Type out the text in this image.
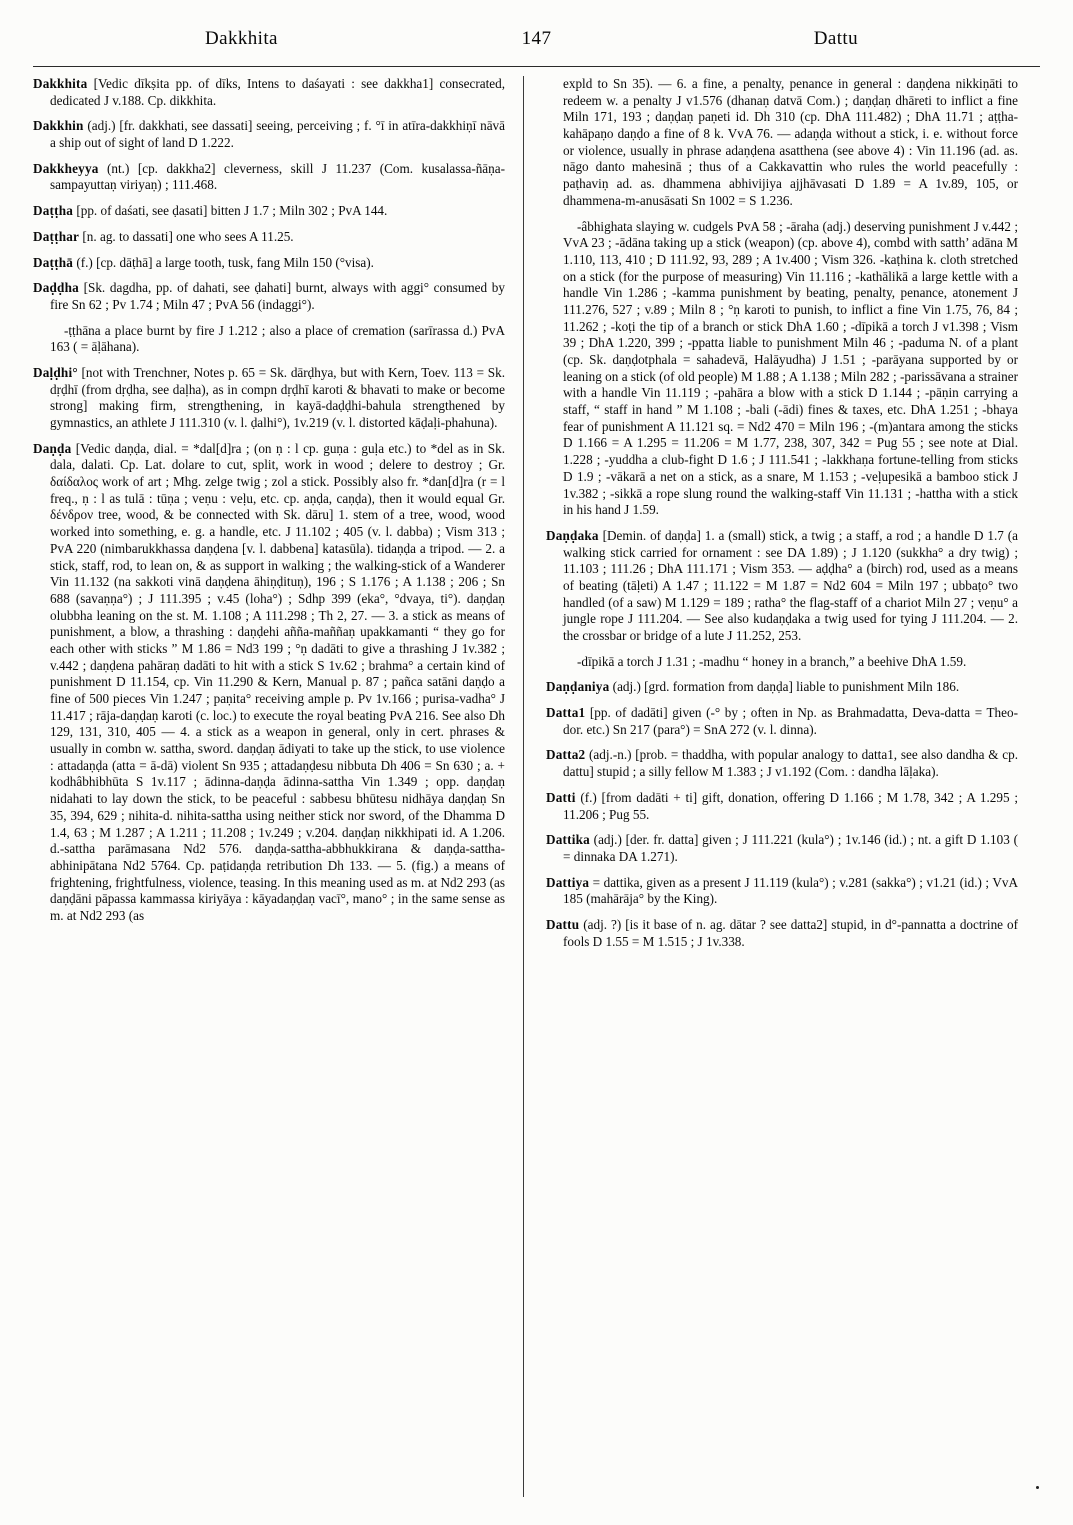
Dakkhita	147	Dattu

Dakkhita [Vedic dīkṣita pp. of dīks, Intens to daśayati : see dakkha1] consecrated, dedicated J v.188. Cp. dikkhita.

Dakkhin (adj.) [fr. dakkhati, see dassati] seeing, perceiving ; f. °ī in atīra-dakkhiṇī nāvā a ship out of sight of land D 1.222.

Dakkheyya (nt.) [cp. dakkha2] cleverness, skill J 11.237 (Com. kusalassa-ñāṇa-sampayuttaṇ viriyaṇ) ; 111.468.

Daṭṭha [pp. of daśati, see ḍasati] bitten J 1.7 ; Miln 302 ; PvA 144.

Daṭṭhar [n. ag. to dassati] one who sees A 11.25.

Daṭṭhā (f.) [cp. dāṭhā] a large tooth, tusk, fang Miln 150 (°visa).

Daḍḍha [Sk. dagdha, pp. of dahati, see ḍahati] burnt, always with aggi° consumed by fire Sn 62 ; Pv 1.74 ; Miln 47 ; PvA 56 (indaggi°).

-ṭṭhāna a place burnt by fire J 1.212 ; also a place of cremation (sarīrassa d.) PvA 163 ( = āḷāhana).

Daḷḍhi° [not with Trenchner, Notes p. 65 = Sk. dārḍhya, but with Kern, Toev. 113 = Sk. dṛḍhī (from dṛḍha, see daḷha), as in compn dṛḍhī karoti & bhavati to make or become strong] making firm, strengthening, in kayā-daḍḍhi-bahula strengthened by gymnastics, an athlete J 111.310 (v. l. ḍalhi°), 1v.219 (v. l. distorted kāḍaḷi-phahuna).

Daṇḍa [Vedic daṇḍa, dial. = *dal[d]ra ; (on ṇ : l cp. guṇa : guḷa etc.) to *del as in Sk. dala, dalati. Cp. Lat. dolare to cut, split, work in wood ; delere to destroy ; Gr. δαίδαλος work of art ; Mhg. zelge twig ; zol a stick. Possibly also fr. *dan[d]ra (r = l freq., ṇ : l as tulā : tūṇa ; veṇu : veḷu, etc. cp. aṇḍa, caṇḍa), then it would equal Gr. δένδρον tree, wood, & be connected with Sk. dāru] 1. stem of a tree, wood, wood worked into something, e. g. a handle, etc. J 11.102 ; 405 (v. l. dabba) ; Vism 313 ; PvA 220 (nimbarukkhassa daṇḍena [v. l. dabbena] katasūla). tidaṇḍa a tripod. — 2. a stick, staff, rod, to lean on, & as support in walking ; the walking-stick of a Wanderer Vin 11.132 (na sakkoti vinā daṇḍena āhiṇḍituṇ), 196 ; S 1.176 ; A 1.138 ; 206 ; Sn 688 (savaṇṇa°) ; J 111.395 ; v.45 (loha°) ; Sdhp 399 (eka°, °dvaya, ti°). daṇḍaṇ olubbha leaning on the st. M. 1.108 ; A 111.298 ; Th 2, 27. — 3. a stick as means of punishment, a blow, a thrashing : daṇḍehi añña-maññaṇ upakkamanti “ they go for each other with sticks ” M 1.86 = Nd3 199 ; °ṇ dadāti to give a thrashing J 1v.382 ; v.442 ; daṇḍena pahāraṇ dadāti to hit with a stick S 1v.62 ; brahma° a certain kind of punishment D 11.154, cp. Vin 11.290 & Kern, Manual p. 87 ; pañca satāni daṇḍo a fine of 500 pieces Vin 1.247 ; paṇita° receiving ample p. Pv 1v.166 ; purisa-vadha° J 11.417 ; rāja-daṇḍaṇ karoti (c. loc.) to execute the royal beating PvA 216. See also Dh 129, 131, 310, 405 — 4. a stick as a weapon in general, only in cert. phrases & usually in combn w. sattha, sword. daṇḍaṇ ādiyati to take up the stick, to use violence : attadaṇḍa (atta = ā-dā) violent Sn 935 ; attadaṇḍesu nibbuta Dh 406 = Sn 630 ; a. + kodhâbhibhūta S 1v.117 ; ādinna-daṇḍa ādinna-sattha Vin 1.349 ; opp. daṇḍaṇ nidahati to lay down the stick, to be peaceful : sabbesu bhūtesu nidhāya daṇḍaṇ Sn 35, 394, 629 ; nihita-d. nihita-sattha using neither stick nor sword, of the Dhamma D 1.4, 63 ; M 1.287 ; A 1.211 ; 11.208 ; 1v.249 ; v.204. daṇḍaṇ nikkhipati id. A 1.206. d.-sattha parāmasana Nd2 576. daṇḍa-sattha-abbhukkirana & daṇḍa-sattha-abhinipātana Nd2 5764. Cp. paṭidaṇḍa retribution Dh 133. — 5. (fig.) a means of frightening, frightfulness, violence, teasing. In this meaning used as m. at Nd2 293 (as daṇḍāni pāpassa kammassa kiriyāya : kāyadaṇḍaṇ vacī°, mano° ; in the same sense as m. at Nd2 293 (as

expld to Sn 35). — 6. a fine, a penalty, penance in general : daṇḍena nikkiṇāti to redeem w. a penalty J v1.576 (dhanaṇ datvā Com.) ; daṇḍaṇ dhāreti to inflict a fine Miln 171, 193 ; daṇḍaṇ paṇeti id. Dh 310 (cp. DhA 111.482) ; DhA 11.71 ; aṭṭha-kahāpaṇo daṇḍo a fine of 8 k. VvA 76. — adaṇḍa without a stick, i. e. without force or violence, usually in phrase adaṇḍena asatthena (see above 4) : Vin 11.196 (ad. as. nāgo danto mahesinā ; thus of a Cakkavattin who rules the world peacefully : paṭhaviṇ ad. as. dhammena abhivijiya ajjhāvasati D 1.89 = A 1v.89, 105, or dhammena-m-anusāsati Sn 1002 = S 1.236.

-âbhighata slaying w. cudgels PvA 58 ; -āraha (adj.) deserving punishment J v.442 ; VvA 23 ; -ādāna taking up a stick (weapon) (cp. above 4), combd with satth’ adāna M 1.110, 113, 410 ; D 111.92, 93, 289 ; A 1v.400 ; Vism 326. -kaṭhina k. cloth stretched on a stick (for the purpose of measuring) Vin 11.116 ; -kathālikā a large kettle with a handle Vin 1.286 ; -kamma punishment by beating, penalty, penance, atonement J 111.276, 527 ; v.89 ; Miln 8 ; °ṇ karoti to punish, to inflict a fine Vin 1.75, 76, 84 ; 11.262 ; -koṭi the tip of a branch or stick DhA 1.60 ; -dīpikā a torch J v1.398 ; Vism 39 ; DhA 1.220, 399 ; -ppatta liable to punishment Miln 46 ; -paduma N. of a plant (cp. Sk. daṇḍotphala = sahadevā, Halāyudha) J 1.51 ; -parāyana supported by or leaning on a stick (of old people) M 1.88 ; A 1.138 ; Miln 282 ; -parissāvana a strainer with a handle Vin 11.119 ; -pahāra a blow with a stick D 1.144 ; -pāṇin carrying a staff, “ staff in hand ” M 1.108 ; -bali (-ādi) fines & taxes, etc. DhA 1.251 ; -bhaya fear of punishment A 11.121 sq. = Nd2 470 = Miln 196 ; -(m)antara among the sticks D 1.166 = A 1.295 = 11.206 = M 1.77, 238, 307, 342 = Pug 55 ; see note at Dial. 1.228 ; -yuddha a club-fight D 1.6 ; J 111.541 ; -lakkhaṇa fortune-telling from sticks D 1.9 ; -vākarā a net on a stick, as a snare, M 1.153 ; -veḷupesikā a bamboo stick J 1v.382 ; -sikkā a rope slung round the walking-staff Vin 11.131 ; -hattha with a stick in his hand J 1.59.

Daṇḍaka [Demin. of daṇḍa] 1. a (small) stick, a twig ; a staff, a rod ; a handle D 1.7 (a walking stick carried for ornament : see DA 1.89) ; J 1.120 (sukkha° a dry twig) ; 11.103 ; 111.26 ; DhA 111.171 ; Vism 353. — aḍḍha° a (birch) rod, used as a means of beating (tāḷeti) A 1.47 ; 11.122 = M 1.87 = Nd2 604 = Miln 197 ; ubbaṭo° two handled (of a saw) M 1.129 = 189 ; ratha° the flag-staff of a chariot Miln 27 ; veṇu° a jungle rope J 111.204. — See also kudaṇḍaka a twig used for tying J 111.204. — 2. the crossbar or bridge of a lute J 11.252, 253.

-dīpikā a torch J 1.31 ; -madhu “ honey in a branch,” a beehive DhA 1.59.

Daṇḍaniya (adj.) [grd. formation from daṇḍa] liable to punishment Miln 186.

Datta1 [pp. of dadāti] given (-° by ; often in Np. as Brahmadatta, Deva-datta = Theo-dor. etc.) Sn 217 (para°) = SnA 272 (v. l. dinna).

Datta2 (adj.-n.) [prob. = thaddha, with popular analogy to datta1, see also dandha & cp. dattu] stupid ; a silly fellow M 1.383 ; J v1.192 (Com. : dandha lāḷaka).

Datti (f.) [from dadāti + ti] gift, donation, offering D 1.166 ; M 1.78, 342 ; A 1.295 ; 11.206 ; Pug 55.

Dattika (adj.) [der. fr. datta] given ; J 111.221 (kula°) ; 1v.146 (id.) ; nt. a gift D 1.103 ( = dinnaka DA 1.271).

Dattiya = dattika, given as a present J 11.119 (kula°) ; v.281 (sakka°) ; v1.21 (id.) ; VvA 185 (mahārāja° by the King).

Dattu (adj. ?) [is it base of n. ag. dātar ? see datta2] stupid, in d°-pannatta a doctrine of fools D 1.55 = M 1.515 ; J 1v.338.
